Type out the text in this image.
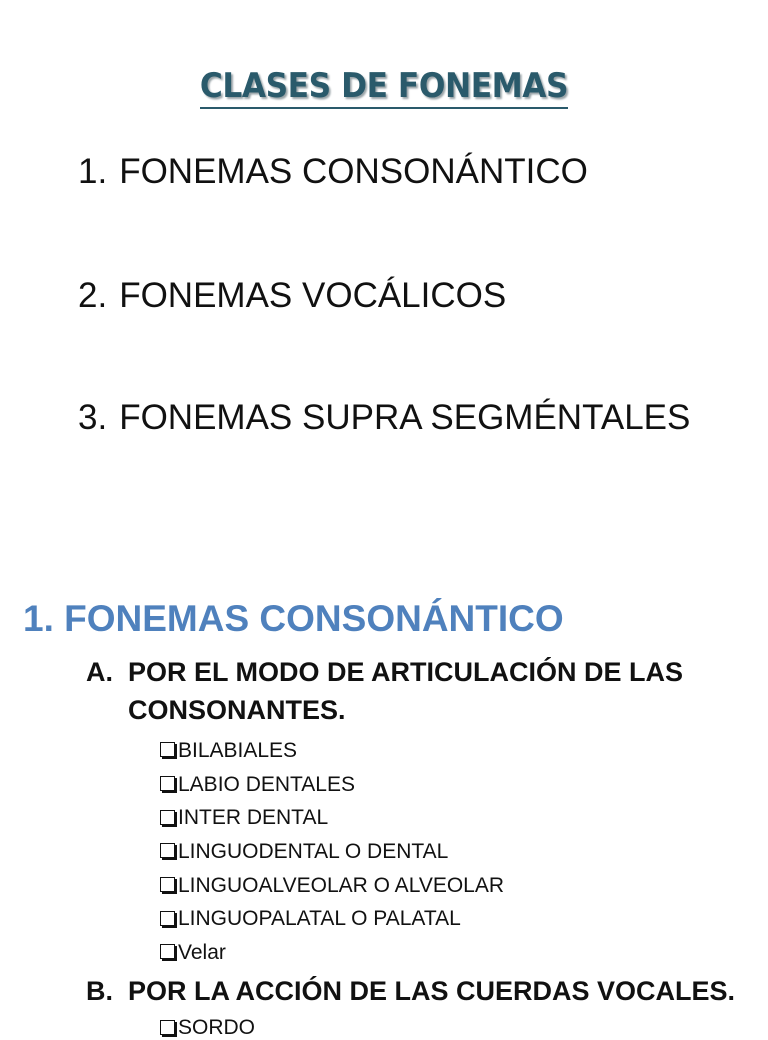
CLASES DE FONEMAS
1. FONEMAS CONSONÁNTICO
2. FONEMAS VOCÁLICOS
3. FONEMAS SUPRA SEGMÉNTALES
1. FONEMAS CONSONÁNTICO
A. POR EL MODO DE ARTICULACIÓN DE LAS
CONSONANTES.
BILABIALES
LABIO DENTALES
INTER DENTAL
LINGUODENTAL O DENTAL
LINGUOALVEOLAR O ALVEOLAR
LINGUOPALATAL O PALATAL
Velar
B. POR LA ACCIÓN DE LAS CUERDAS VOCALES.
SORDO
